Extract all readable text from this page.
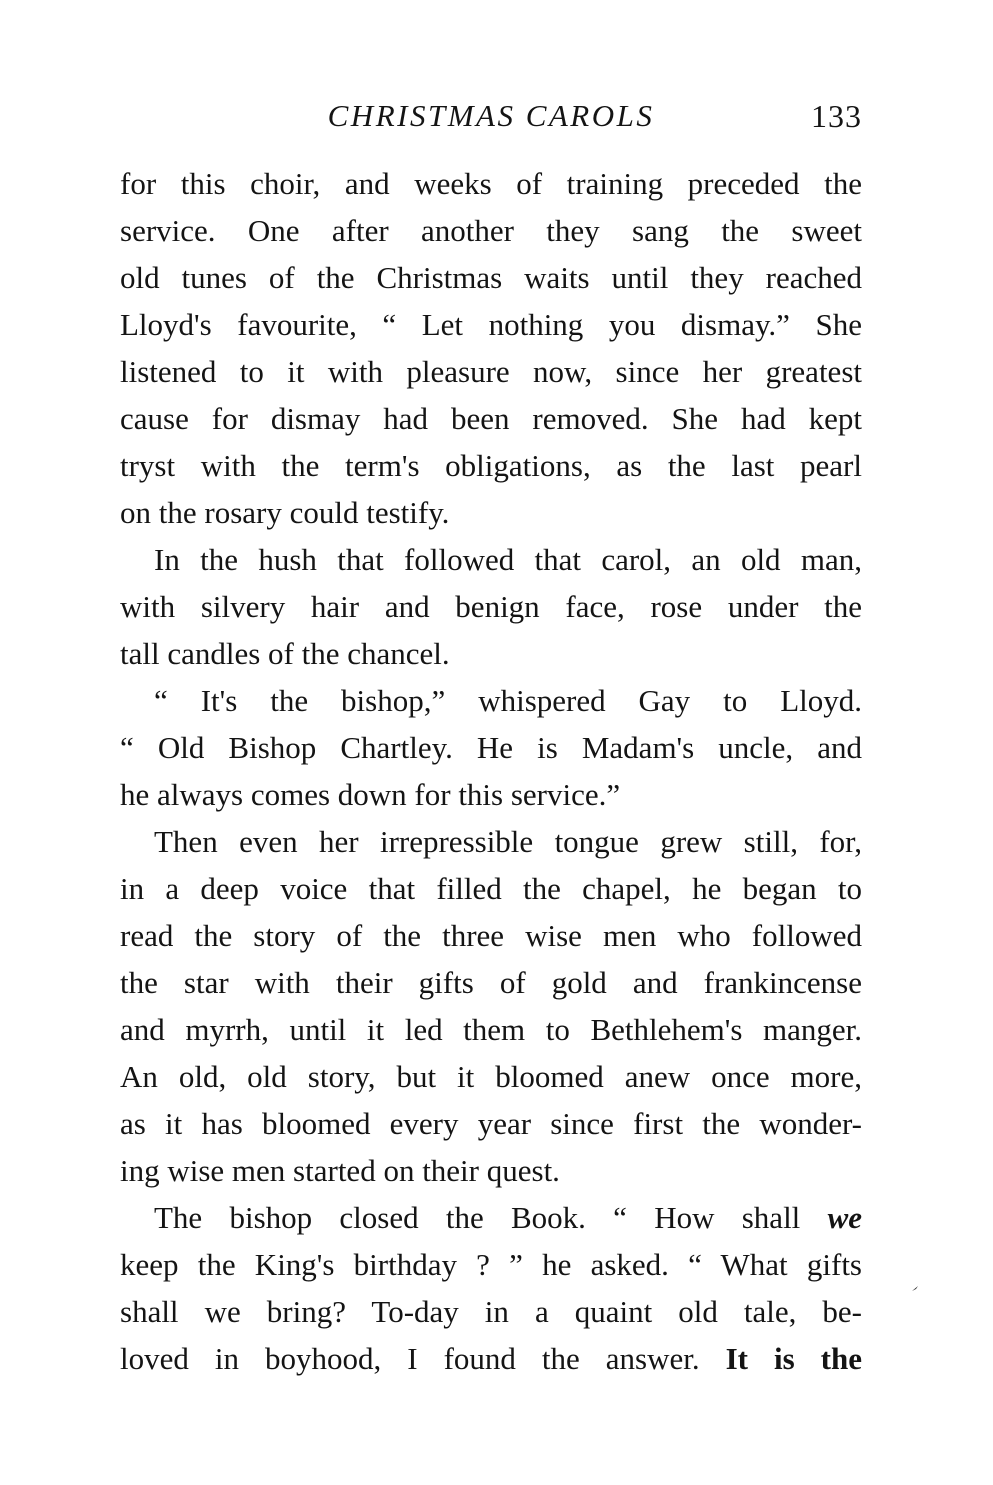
CHRISTMAS CAROLS	133
for this choir, and weeks of training preceded the
service. One after another they sang the sweet
old tunes of the Christmas waits until they reached
Lloyd's favourite, “ Let nothing you dismay.” She
listened to it with pleasure now, since her greatest
cause for dismay had been removed. She had kept
tryst with the term's obligations, as the last pearl
on the rosary could testify.
In the hush that followed that carol, an old man,
with silvery hair and benign face, rose under the
tall candles of the chancel.
“ It's the bishop,” whispered Gay to Lloyd.
“ Old Bishop Chartley. He is Madam's uncle, and
he always comes down for this service.”
Then even her irrepressible tongue grew still, for,
in a deep voice that filled the chapel, he began to
read the story of the three wise men who followed
the star with their gifts of gold and frankincense
and myrrh, until it led them to Bethlehem's manger.
An old, old story, but it bloomed anew once more,
as it has bloomed every year since first the wonder-
ing wise men started on their quest.
The bishop closed the Book. “ How shall we
keep the King's birthday ? ” he asked. “ What gifts
shall we bring? To-day in a quaint old tale, be-
loved in boyhood, I found the answer. It is the
